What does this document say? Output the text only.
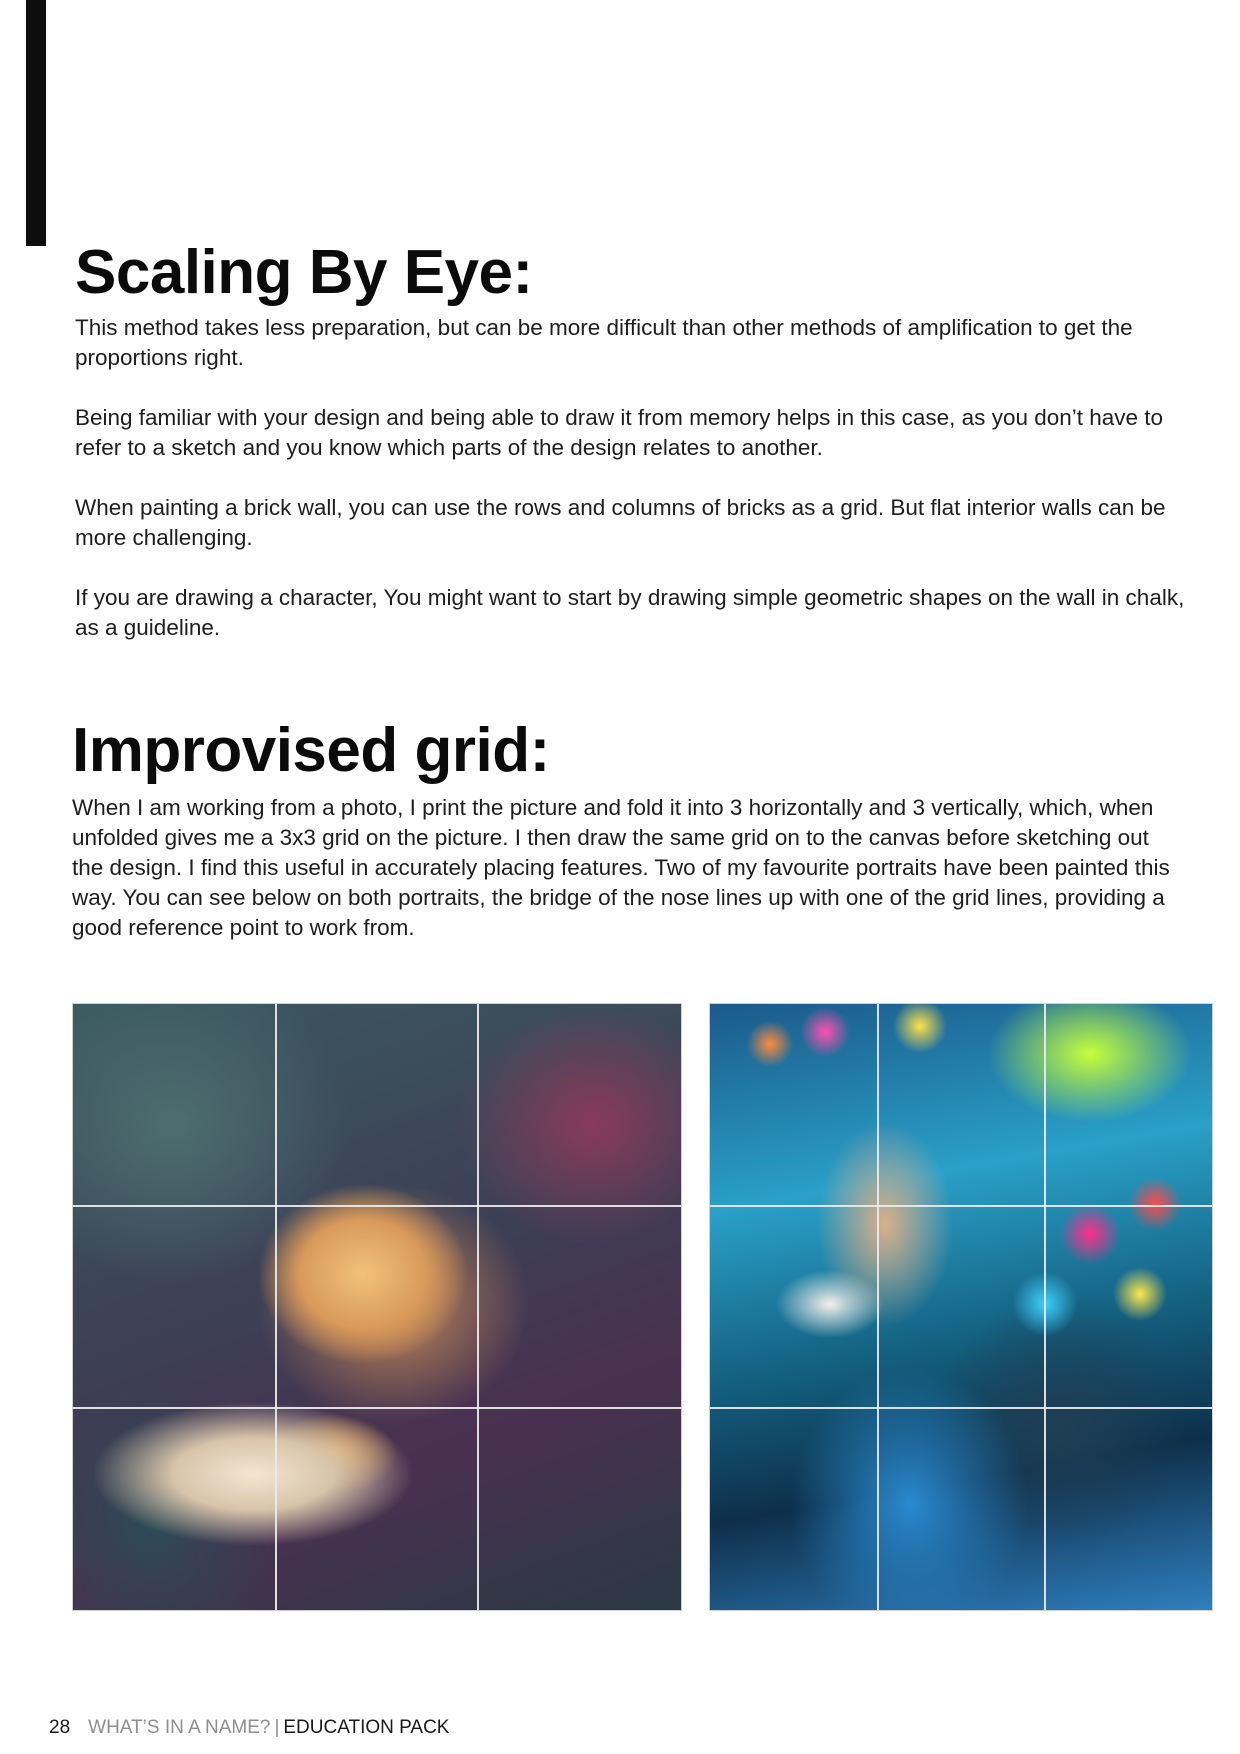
Scaling By Eye:

This method takes less preparation, but can be more difficult than other methods of amplification to get the proportions right.

Being familiar with your design and being able to draw it from memory helps in this case, as you don’t have to refer to a sketch and you know which parts of the design relates to another.

When painting a brick wall, you can use the rows and columns of bricks as a grid. But flat interior walls can be more challenging.

If you are drawing a character, You might want to start by drawing simple geometric shapes on the wall in chalk, as a guideline.

Improvised grid:

When I am working from a photo, I print the picture and fold it into 3 horizontally and 3 vertically, which, when unfolded gives me a 3x3 grid on the picture. I then draw the same grid on to the canvas before sketching out the design. I find this useful in accurately placing features. Two of my favourite portraits have been painted this way. You can see below on both portraits, the bridge of the nose lines up with one of the grid lines, providing a good reference point to work from.

28 WHAT’S IN A NAME? | EDUCATION PACK
